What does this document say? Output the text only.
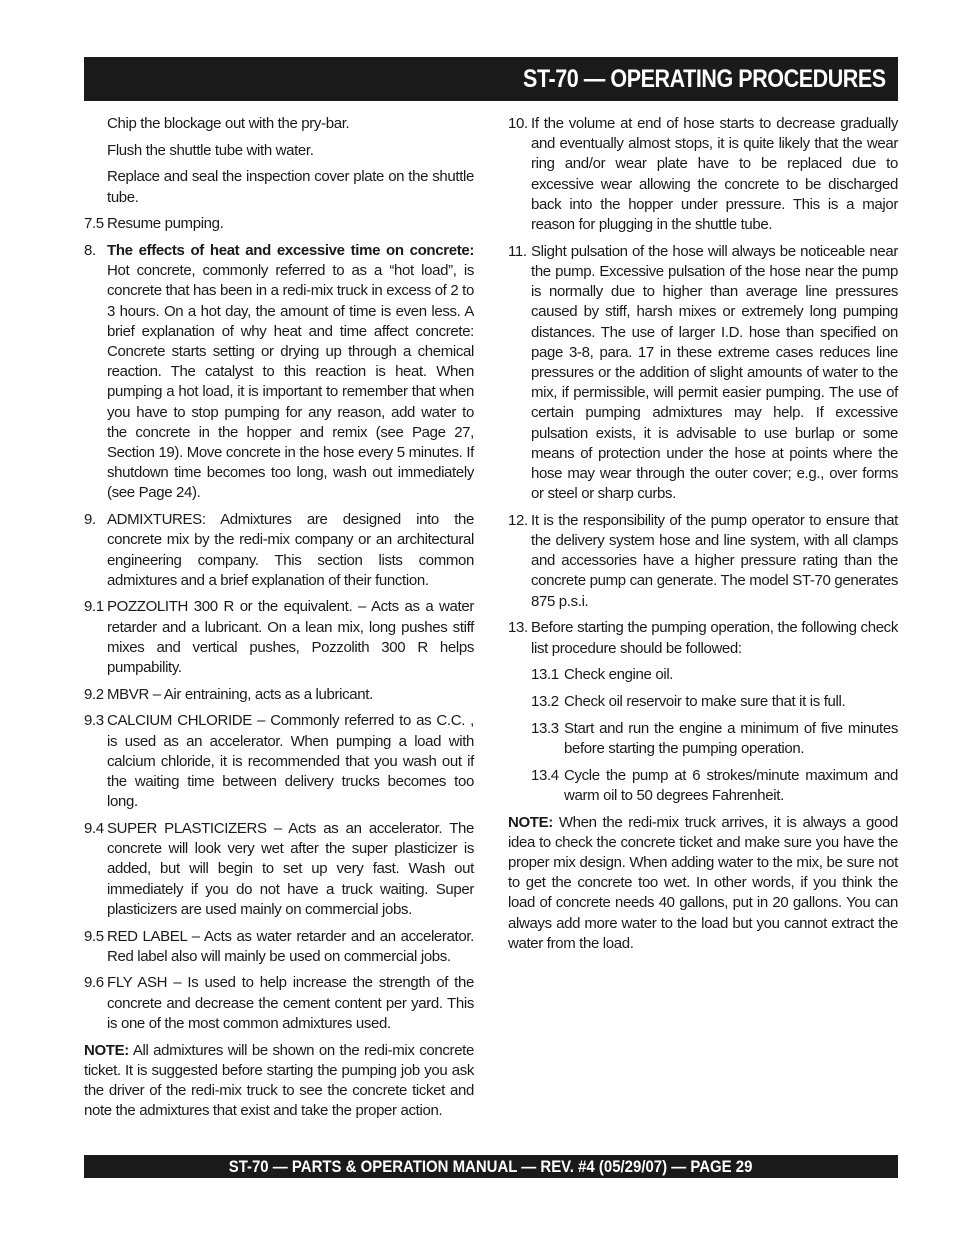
ST-70 — OPERATING PROCEDURES
Chip the blockage out with the pry-bar.
Flush the shuttle tube with water.
Replace and seal the inspection cover plate on the shuttle tube.
7.5 Resume pumping.
8. The effects of heat and excessive time on concrete: Hot concrete, commonly referred to as a “hot load”, is concrete that has been in a redi-mix truck in excess of 2 to 3 hours. On a hot day, the amount of time is even less. A brief explanation of why heat and time affect concrete: Concrete starts setting or drying up through a chemical reaction. The catalyst to this reaction is heat. When pumping a hot load, it is important to remember that when you have to stop pumping for any reason, add water to the concrete in the hopper and remix (see Page 27, Section 19). Move concrete in the hose every 5 minutes. If shutdown time becomes too long, wash out immediately (see Page 24).
9. ADMIXTURES: Admixtures are designed into the concrete mix by the redi-mix company or an architectural engineering company. This section lists common admixtures and a brief explanation of their function.
9.1 POZZOLITH 300 R or the equivalent. – Acts as a water retarder and a lubricant. On a lean mix, long pushes stiff mixes and vertical pushes, Pozzolith 300 R helps pumpability.
9.2 MBVR – Air entraining, acts as a lubricant.
9.3 CALCIUM CHLORIDE – Commonly referred to as C.C. , is used as an accelerator. When pumping a load with calcium chloride, it is recommended that you wash out if the waiting time between delivery trucks becomes too long.
9.4 SUPER PLASTICIZERS – Acts as an accelerator. The concrete will look very wet after the super plasticizer is added, but will begin to set up very fast. Wash out immediately if you do not have a truck waiting. Super plasticizers are used mainly on commercial jobs.
9.5 RED LABEL – Acts as water retarder and an accelerator. Red label also will mainly be used on commercial jobs.
9.6 FLY ASH – Is used to help increase the strength of the concrete and decrease the cement content per yard. This is one of the most common admixtures used.
NOTE: All admixtures will be shown on the redi-mix concrete ticket. It is suggested before starting the pumping job you ask the driver of the redi-mix truck to see the concrete ticket and note the admixtures that exist and take the proper action.
10. If the volume at end of hose starts to decrease gradually and eventually almost stops, it is quite likely that the wear ring and/or wear plate have to be replaced due to excessive wear allowing the concrete to be discharged back into the hopper under pressure. This is a major reason for plugging in the shuttle tube.
11. Slight pulsation of the hose will always be noticeable near the pump. Excessive pulsation of the hose near the pump is normally due to higher than average line pressures caused by stiff, harsh mixes or extremely long pumping distances. The use of larger I.D. hose than specified on page 3-8, para. 17 in these extreme cases reduces line pressures or the addition of slight amounts of water to the mix, if permissible, will permit easier pumping. The use of certain pumping admixtures may help. If excessive pulsation exists, it is advisable to use burlap or some means of protection under the hose at points where the hose may wear through the outer cover; e.g., over forms or steel or sharp curbs.
12. It is the responsibility of the pump operator to ensure that the delivery system hose and line system, with all clamps and accessories have a higher pressure rating than the concrete pump can generate. The model ST-70 generates 875 p.s.i.
13. Before starting the pumping operation, the following check list procedure should be followed:
13.1 Check engine oil.
13.2 Check oil reservoir to make sure that it is full.
13.3 Start and run the engine a minimum of five minutes before starting the pumping operation.
13.4 Cycle the pump at 6 strokes/minute maximum and warm oil to 50 degrees Fahrenheit.
NOTE: When the redi-mix truck arrives, it is always a good idea to check the concrete ticket and make sure you have the proper mix design. When adding water to the mix, be sure not to get the concrete too wet. In other words, if you think the load of concrete needs 40 gallons, put in 20 gallons. You can always add more water to the load but you cannot extract the water from the load.
ST-70 — PARTS & OPERATION MANUAL — REV. #4 (05/29/07) — PAGE 29
